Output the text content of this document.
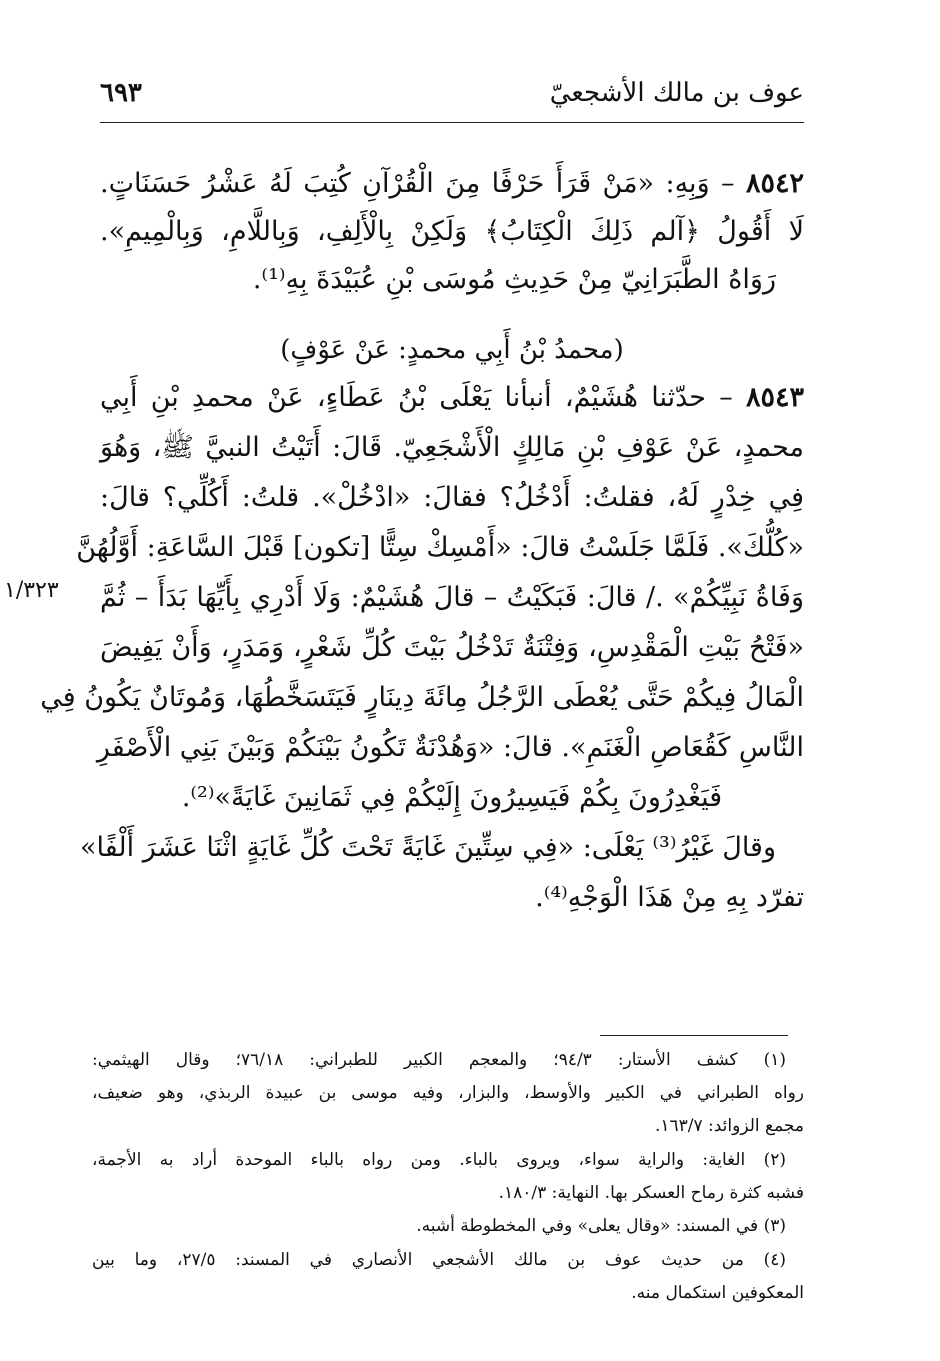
عوف بن مالك الأشجعيّ
٦٩٣
٨٥٤٢ – وَبِهِ: «مَنْ قَرَأَ حَرْفًا مِنَ الْقُرْآنِ كُتِبَ لَهُ عَشْرُ حَسَنَاتٍ.
لَا أَقُولُ ﴿آلم ذَلِكَ الْكِتَابُ﴾ وَلَكِنْ بِالْأَلِفِ، وَبِاللَّامِ، وَبِالْمِيمِ».
رَوَاهُ الطَّبَرَانِيّ مِنْ حَدِيثِ مُوسَى بْنِ عُبَيْدَةَ بِهِ⁽¹⁾.
(محمدُ بْنُ أَبِي محمدٍ: عَنْ عَوْفٍ)
٨٥٤٣ – حدّثنا هُشَيْمٌ، أنبأنا يَعْلَى بْنُ عَطَاءٍ، عَنْ محمدِ بْنِ أَبِي
محمدٍ، عَنْ عَوْفِ بْنِ مَالِكٍ الْأَشْجَعِيّ. قَالَ: أَتَيْتُ النبيَّ ﷺ، وَهُوَ
فِي خِدْرٍ لَهُ، فقلتُ: أَدْخُلُ؟ فقالَ: «ادْخُلْ». قلتُ: أَكُلِّي؟ قالَ:
«كُلُّكَ». فَلَمَّا جَلَسْتُ قالَ: «أَمْسِكْ سِتًّا [تكون] قَبْلَ السَّاعَةِ: أَوَّلُهُنَّ
وَفَاةُ نَبِيِّكُمْ» ./ قالَ: فَبَكَيْتُ – قالَ هُشَيْمٌ: وَلَا أَدْرِي بِأَيِّهَا بَدَأَ – ثُمَّ
«فَتْحُ بَيْتِ الْمَقْدِسِ، وَفِتْنَةٌ تَدْخُلُ بَيْتَ كُلِّ شَعْرٍ، وَمَدَرٍ، وَأَنْ يَفِيضَ
الْمَالُ فِيكُمْ حَتَّى يُعْطَى الرَّجُلُ مِائَةَ دِينَارٍ فَيَتَسَخَّطُهَا، وَمُوتَانٌ يَكُونُ فِي
النَّاسِ كَقُعَاصِ الْغَنَمِ». قالَ: «وَهُدْنَةٌ تَكُونُ بَيْنَكُمْ وَبَيْنَ بَنِي الْأَصْفَرِ
فَيَغْدِرُونَ بِكُمْ فَيَسِيرُونَ إِلَيْكُمْ فِي ثَمَانِينَ غَايَةً»⁽²⁾.
وقالَ غَيْرُ⁽³⁾ يَعْلَى: «فِي سِتِّينَ غَايَةً تَحْتَ كُلِّ غَايَةٍ اثْنَا عَشَرَ أَلْفًا»
تفرّد بِهِ مِنْ هَذَا الْوَجْهِ⁽⁴⁾.
١/٣٢٣
(١) كشف الأستار: ٩٤/٣؛ والمعجم الكبير للطبراني: ٧٦/١٨؛ وقال الهيثمي:
رواه الطبراني في الكبير والأوسط، والبزار، وفيه موسى بن عبيدة الربذي، وهو ضعيف،
مجمع الزوائد: ١٦٣/٧.
(٢) الغاية: والراية سواء، ويروى بالباء. ومن رواه بالباء الموحدة أراد به الأجمة،
فشبه كثرة رماح العسكر بها. النهاية: ١٨٠/٣.
(٣) في المسند: «وقال يعلى» وفي المخطوطة أشبه.
(٤) من حديث عوف بن مالك الأشجعي الأنصاري في المسند: ٢٧/٥، وما بين
المعكوفين استكمال منه.
